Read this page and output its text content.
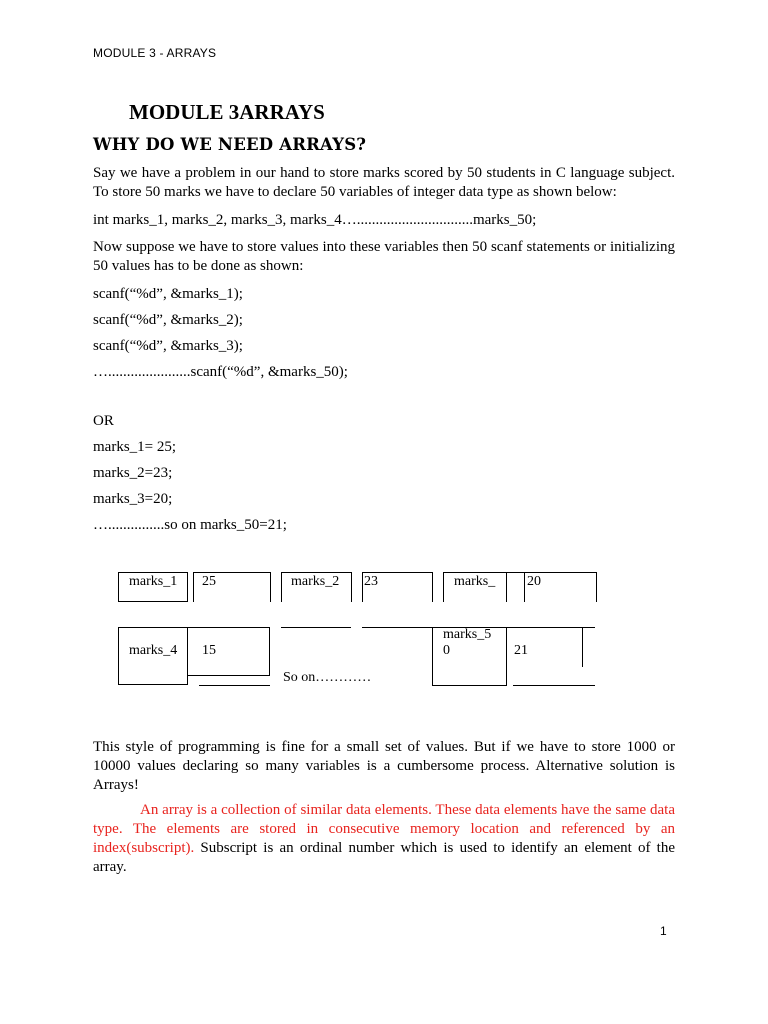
MODULE 3 - ARRAYS
MODULE 3ARRAYS
WHY DO WE NEED ARRAYS?
Say we have a problem in our hand to store marks scored by 50 students in C language subject. To store 50 marks we have to declare 50 variables of integer data type as shown below:
int marks_1, marks_2, marks_3, marks_4…...............................marks_50;
Now suppose we have to store values into these variables then 50 scanf statements or initializing 50 values has to be done as shown:
scanf(“%d”, &marks_1);
scanf(“%d”, &marks_2);
scanf(“%d”, &marks_3);
…......................scanf(“%d”, &marks_50);
OR
marks_1= 25;
marks_2=23;
marks_3=20;
…...............so on marks_50=21;
marks_1 25	marks_2 23	marks_ 20
marks_4 15
marks_5
0	21
So on…………
This style of programming is fine for a small set of values. But if we have to store 1000 or 10000 values declaring so many variables is a cumbersome process. Alternative solution is Arrays!
An array is a collection of similar data elements. These data elements have the same data type. The elements are stored in consecutive memory location and referenced by an index(subscript). Subscript is an ordinal number which is used to identify an element of the array.
1
